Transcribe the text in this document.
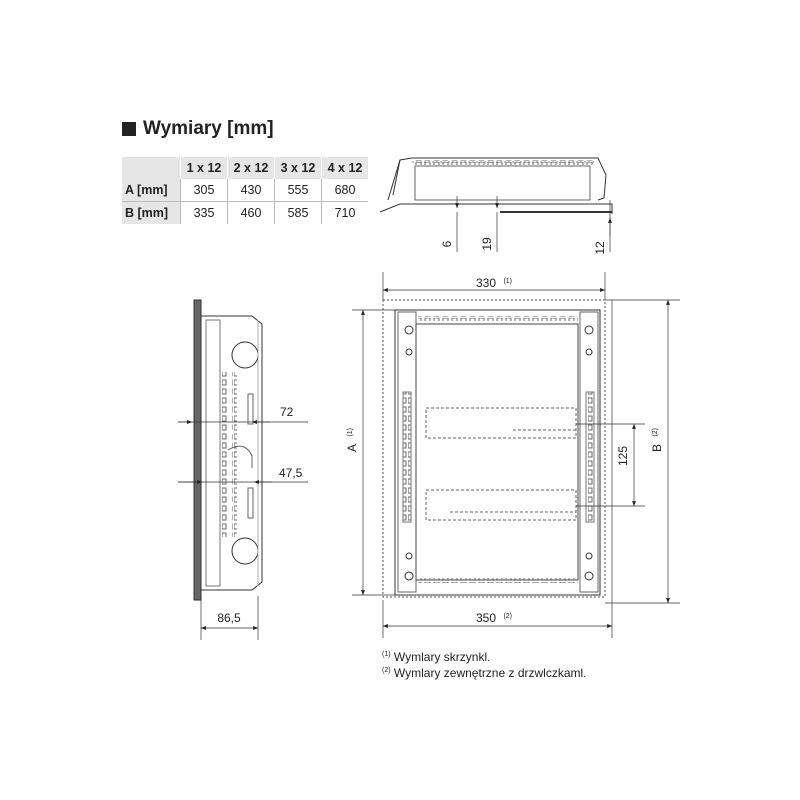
Wymiary [mm]
	1 x 12	2 x 12	3 x 12	4 x 12
A [mm]	305	430	555	680
B [mm]	335	460	585	710
6 19	12
72
47,5
86,5
330 $^{(1)}$
350 $^{(2)}$
A $^{(1)}$
B $^{(2)}$
125
$^{(1)}$ Wymlary skrzynkl.
$^{(2)}$ Wymlary zewnętrzne z drzwlczkaml.
